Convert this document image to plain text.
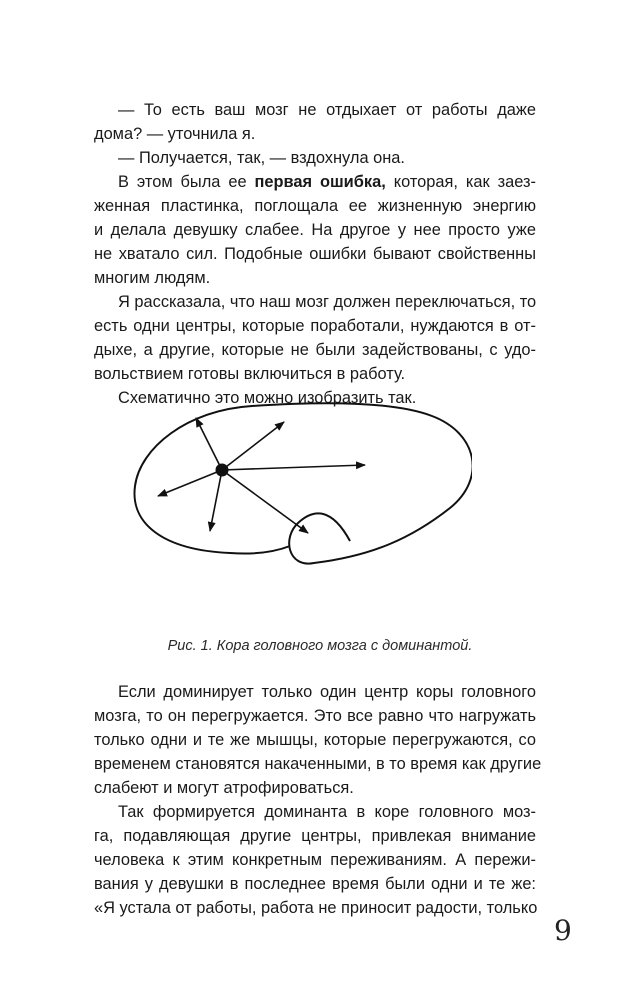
— То есть ваш мозг не отдыхает от работы даже
дома? — уточнила я.

— Получается, так, — вздохнула она.

В этом была ее первая ошибка, которая, как заез-
женная пластинка, поглощала ее жизненную энергию
и делала девушку слабее. На другое у нее просто уже
не хватало сил. Подобные ошибки бывают свойственны
многим людям.

Я рассказала, что наш мозг должен переключаться, то
есть одни центры, которые поработали, нуждаются в от-
дыхе, а другие, которые не были задействованы, с удо-
вольствием готовы включиться в работу.

Схематично это можно изобразить так.

Рис. 1. Кора головного мозга с доминантой.

Если доминирует только один центр коры головного
мозга, то он перегружается. Это все равно что нагружать
только одни и те же мышцы, которые перегружаются, со
временем становятся накаченными, в то время как другие
слабеют и могут атрофироваться.

Так формируется доминанта в коре головного моз-
га, подавляющая другие центры, привлекая внимание
человека к этим конкретным переживаниям. А пережи-
вания у девушки в последнее время были одни и те же:
«Я устала от работы, работа не приносит радости, только

9
